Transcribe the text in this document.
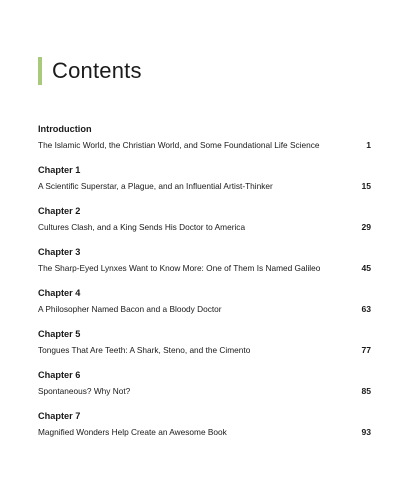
Contents
Introduction
The Islamic World, the Christian World, and Some Foundational Life Science	1
Chapter 1
A Scientific Superstar, a Plague, and an Influential Artist-Thinker	15
Chapter 2
Cultures Clash, and a King Sends His Doctor to America	29
Chapter 3
The Sharp-Eyed Lynxes Want to Know More: One of Them Is Named Galileo	45
Chapter 4
A Philosopher Named Bacon and a Bloody Doctor	63
Chapter 5
Tongues That Are Teeth: A Shark, Steno, and the Cimento	77
Chapter 6
Spontaneous? Why Not?	85
Chapter 7
Magnified Wonders Help Create an Awesome Book	93
